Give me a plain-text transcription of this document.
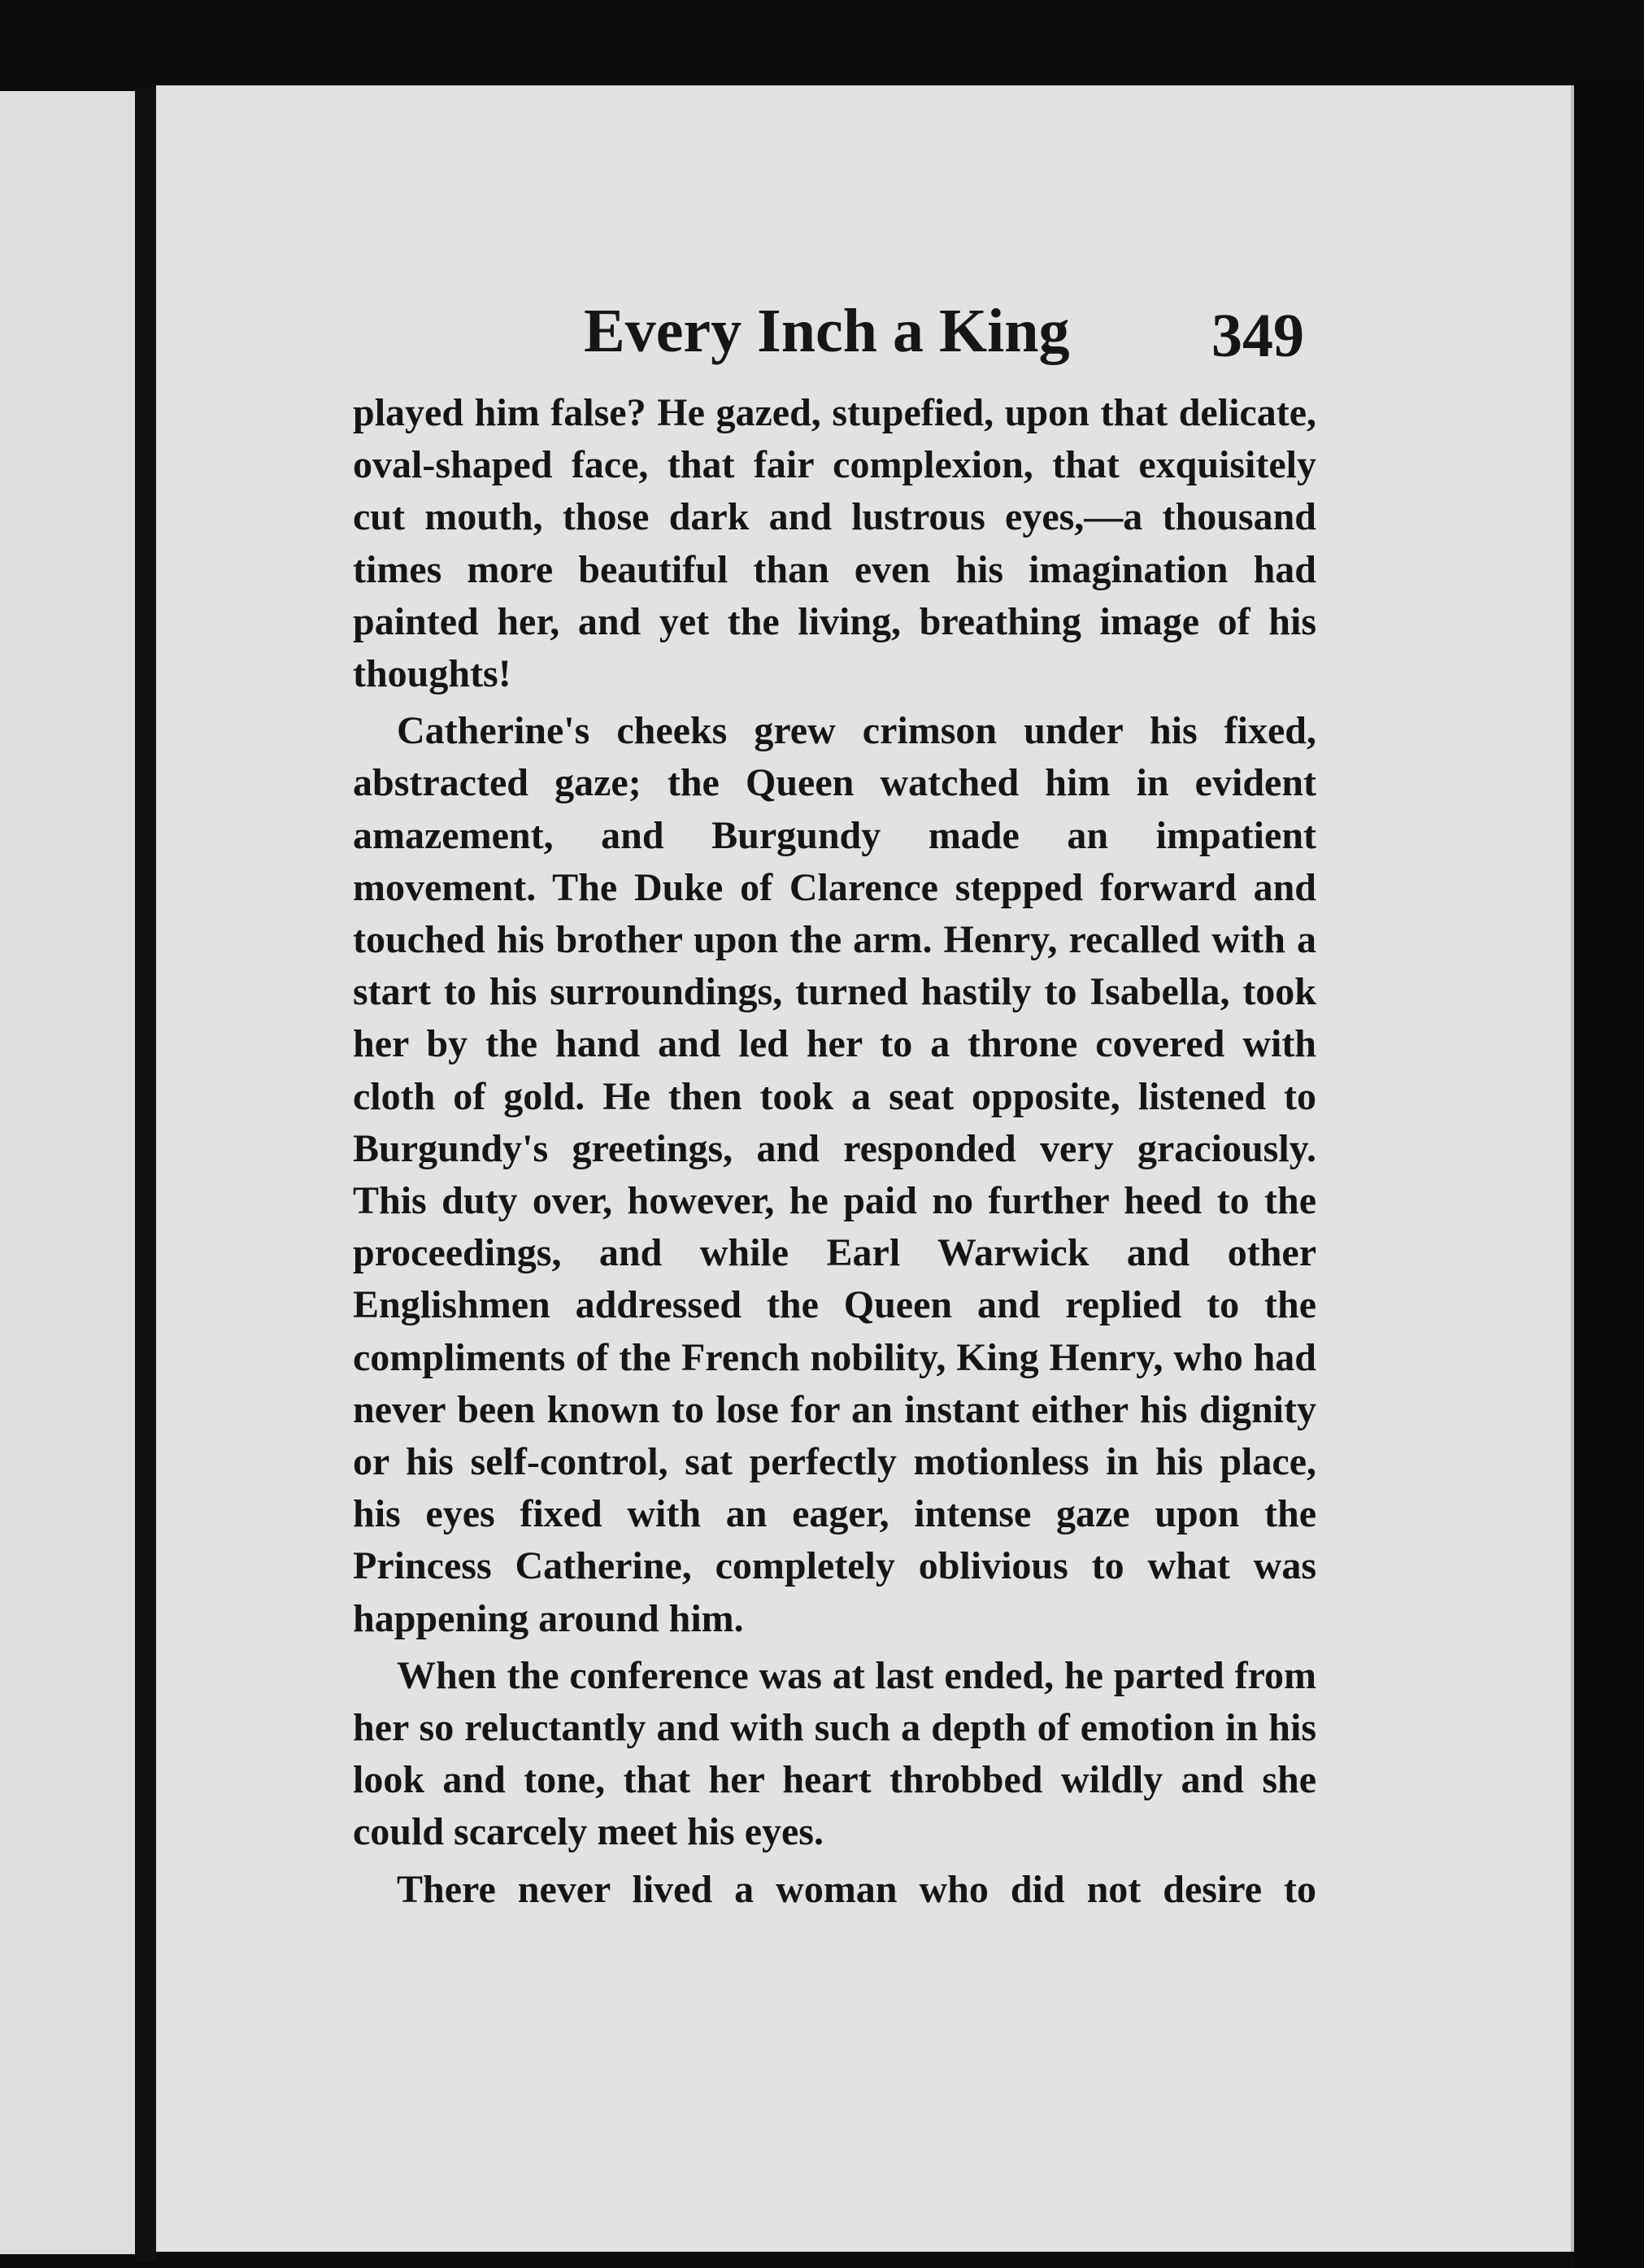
Every Inch a King 349

played him false? He gazed, stupefied, upon that delicate, oval-shaped face, that fair complexion, that exquisitely cut mouth, those dark and lustrous eyes,—a thousand times more beautiful than even his imagination had painted her, and yet the living, breathing image of his thoughts!

Catherine's cheeks grew crimson under his fixed, abstracted gaze; the Queen watched him in evident amazement, and Burgundy made an impatient movement. The Duke of Clarence stepped forward and touched his brother upon the arm. Henry, recalled with a start to his surroundings, turned hastily to Isabella, took her by the hand and led her to a throne covered with cloth of gold. He then took a seat opposite, listened to Burgundy's greetings, and responded very graciously. This duty over, however, he paid no further heed to the proceedings, and while Earl Warwick and other Englishmen addressed the Queen and replied to the compliments of the French nobility, King Henry, who had never been known to lose for an instant either his dignity or his self-control, sat perfectly motionless in his place, his eyes fixed with an eager, intense gaze upon the Princess Catherine, completely oblivious to what was happening around him.

When the conference was at last ended, he parted from her so reluctantly and with such a depth of emotion in his look and tone, that her heart throbbed wildly and she could scarcely meet his eyes.

There never lived a woman who did not desire to
